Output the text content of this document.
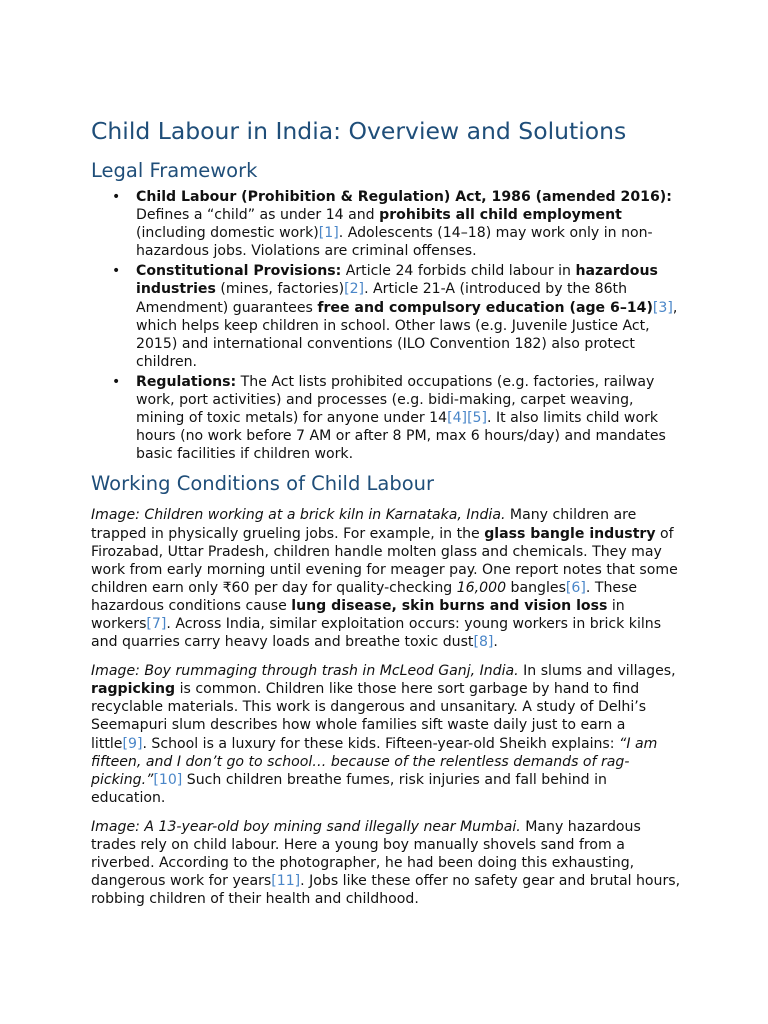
Child Labour in India: Overview and Solutions
Legal Framework
• Child Labour (Prohibition & Regulation) Act, 1986 (amended 2016): Defines a “child” as under 14 and prohibits all child employment (including domestic work)[1]. Adolescents (14–18) may work only in non-hazardous jobs. Violations are criminal offenses.
• Constitutional Provisions: Article 24 forbids child labour in hazardous industries (mines, factories)[2]. Article 21-A (introduced by the 86th Amendment) guarantees free and compulsory education (age 6–14)[3], which helps keep children in school. Other laws (e.g. Juvenile Justice Act, 2015) and international conventions (ILO Convention 182) also protect children.
• Regulations: The Act lists prohibited occupations (e.g. factories, railway work, port activities) and processes (e.g. bidi-making, carpet weaving, mining of toxic metals) for anyone under 14[4][5]. It also limits child work hours (no work before 7 AM or after 8 PM, max 6 hours/day) and mandates basic facilities if children work.
Working Conditions of Child Labour

Image: Children working at a brick kiln in Karnataka, India. Many children are trapped in physically grueling jobs. For example, in the glass bangle industry of Firozabad, Uttar Pradesh, children handle molten glass and chemicals. They may work from early morning until evening for meager pay. One report notes that some children earn only ₹60 per day for quality-checking 16,000 bangles[6]. These hazardous conditions cause lung disease, skin burns and vision loss in workers[7]. Across India, similar exploitation occurs: young workers in brick kilns and quarries carry heavy loads and breathe toxic dust[8].

Image: Boy rummaging through trash in McLeod Ganj, India. In slums and villages, ragpicking is common. Children like those here sort garbage by hand to find recyclable materials. This work is dangerous and unsanitary. A study of Delhi’s Seemapuri slum describes how whole families sift waste daily just to earn a little[9]. School is a luxury for these kids. Fifteen-year-old Sheikh explains: “I am fifteen, and I don’t go to school… because of the relentless demands of rag-picking.”[10] Such children breathe fumes, risk injuries and fall behind in education.

Image: A 13-year-old boy mining sand illegally near Mumbai. Many hazardous trades rely on child labour. Here a young boy manually shovels sand from a riverbed. According to the photographer, he had been doing this exhausting, dangerous work for years[11]. Jobs like these offer no safety gear and brutal hours, robbing children of their health and childhood.
